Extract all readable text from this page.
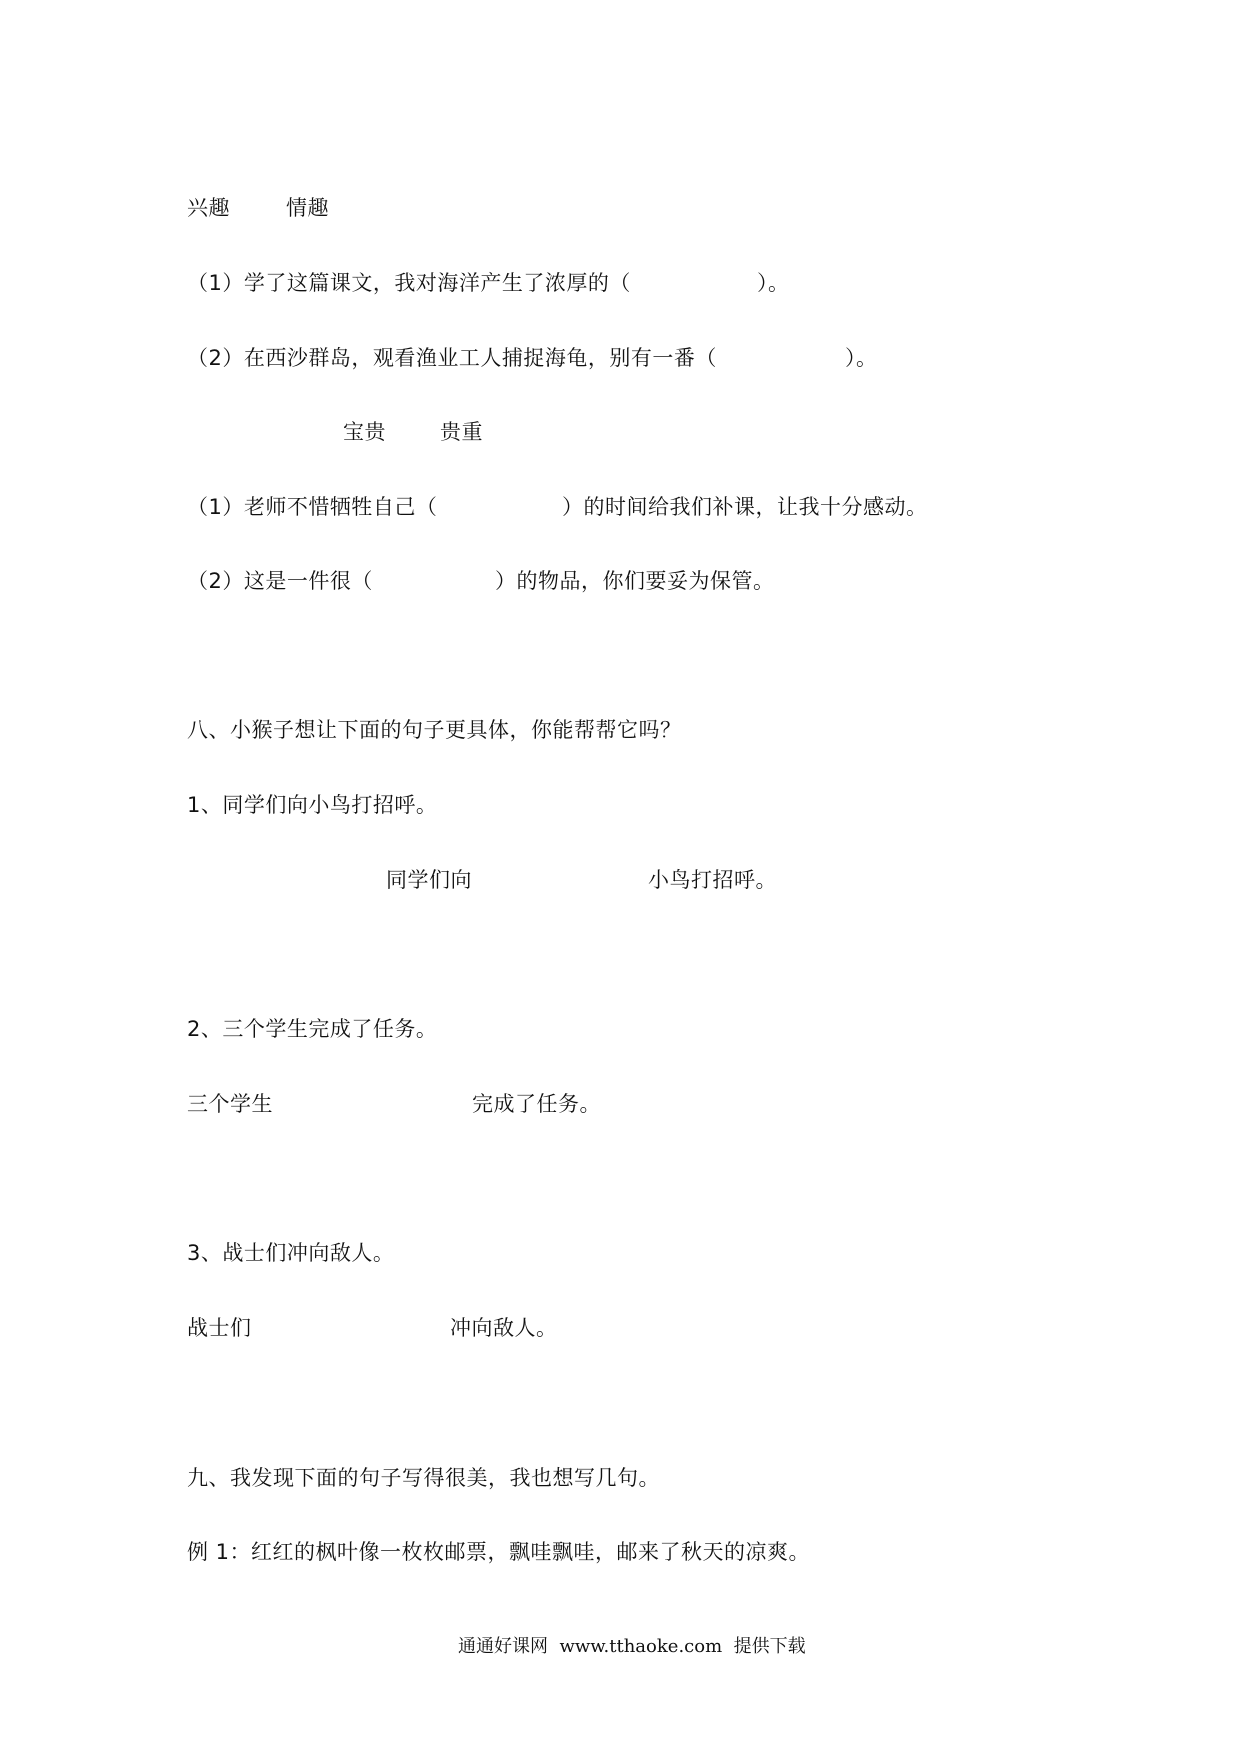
兴趣	情趣
（1）学了这篇课文，我对海洋产生了浓厚的（	）。
（2）在西沙群岛，观看渔业工人捕捉海龟，别有一番（	）。
宝贵	贵重
（1）老师不惜牺牲自己（	）的时间给我们补课，让我十分感动。
（2）这是一件很（	）的物品，你们要妥为保管。
八、小猴子想让下面的句子更具体，你能帮帮它吗？
1、同学们向小鸟打招呼。
同学们向	小鸟打招呼。
2、三个学生完成了任务。
三个学生	完成了任务。
3、战士们冲向敌人。
战士们	冲向敌人。
九、我发现下面的句子写得很美，我也想写几句。
例 1：红红的枫叶像一枚枚邮票，飘哇飘哇，邮来了秋天的凉爽。
通通好课网  www.tthaoke.com  提供下载
